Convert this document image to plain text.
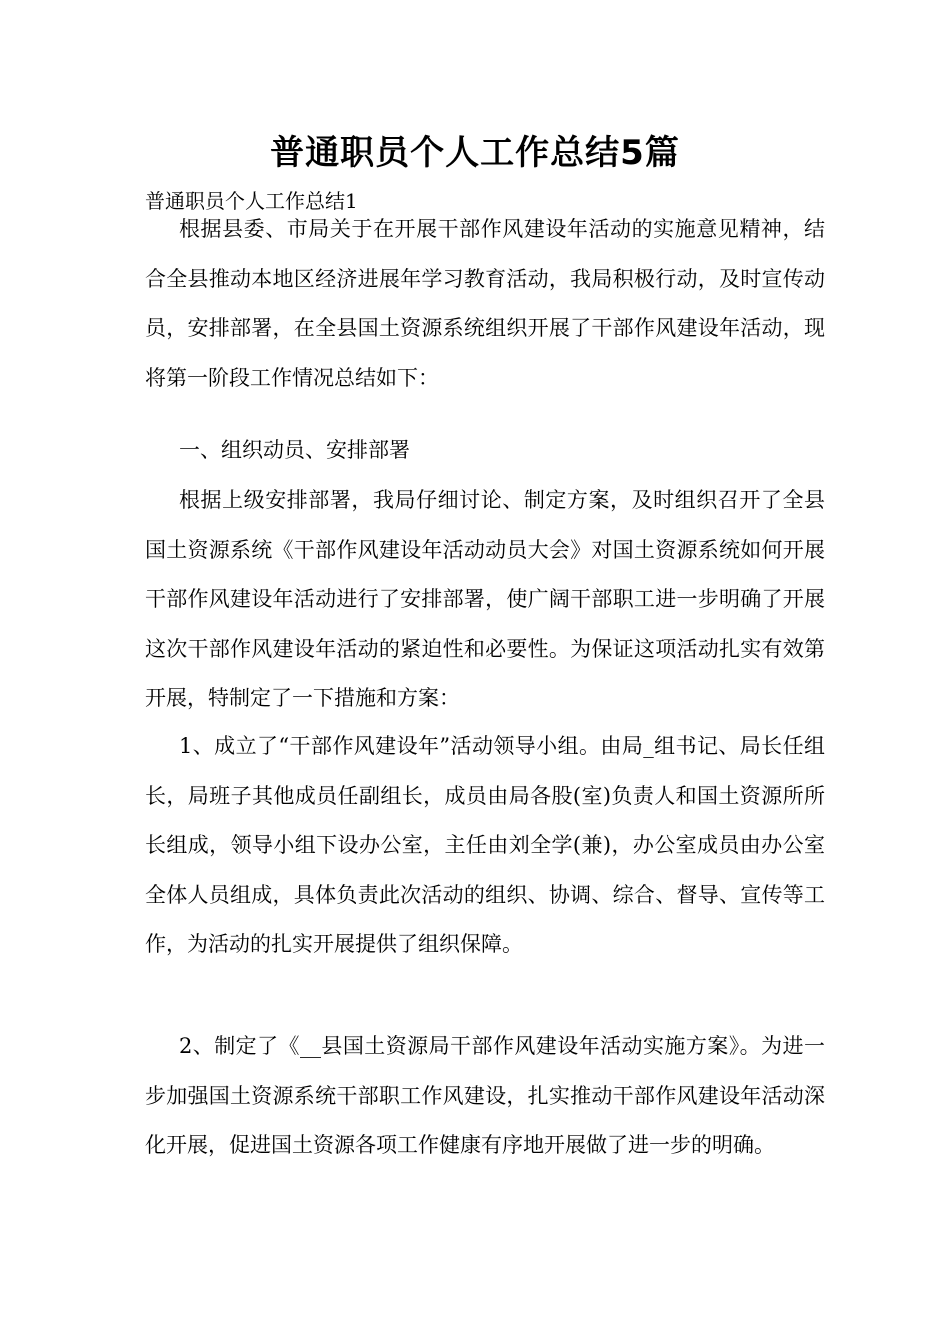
普通职员个人工作总结5篇
普通职员个人工作总结1
根据县委、市局关于在开展干部作风建设年活动的实施意见精神，结合全县推动本地区经济进展年学习教育活动，我局积极行动，及时宣传动员，安排部署，在全县国土资源系统组织开展了干部作风建设年活动，现将第一阶段工作情况总结如下：
一、组织动员、安排部署
根据上级安排部署，我局仔细讨论、制定方案，及时组织召开了全县国土资源系统《干部作风建设年活动动员大会》对国土资源系统如何开展干部作风建设年活动进行了安排部署，使广阔干部职工进一步明确了开展这次干部作风建设年活动的紧迫性和必要性。为保证这项活动扎实有效第开展，特制定了一下措施和方案：
1、成立了“干部作风建设年”活动领导小组。由局_组书记、局长任组长，局班子其他成员任副组长，成员由局各股(室)负责人和国土资源所所长组成，领导小组下设办公室，主任由刘全学(兼)，办公室成员由办公室全体人员组成，具体负责此次活动的组织、协调、综合、督导、宣传等工作，为活动的扎实开展提供了组织保障。
2、制定了《__县国土资源局干部作风建设年活动实施方案》。为进一步加强国土资源系统干部职工作风建设，扎实推动干部作风建设年活动深化开展，促进国土资源各项工作健康有序地开展做了进一步的明确。
